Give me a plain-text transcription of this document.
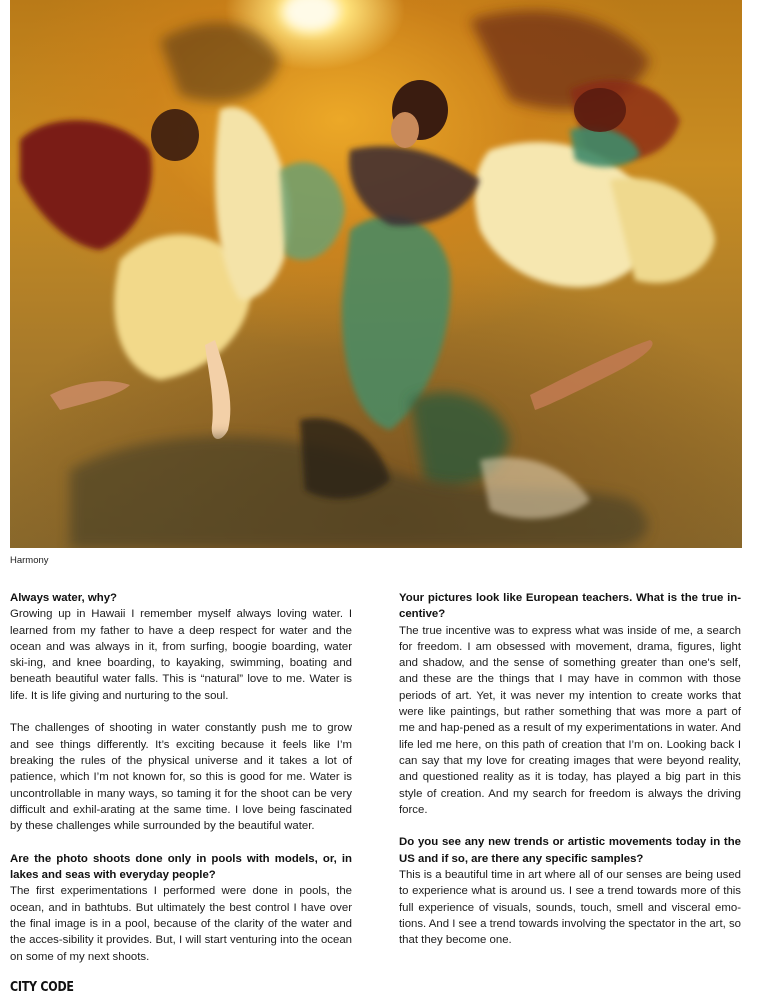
Harmony
Always water, why?

Growing up in Hawaii I remember myself always loving water. I learned from my father to have a deep respect for water and the ocean and was always in it, from surfing, boogie boarding, water ski-ing, and knee boarding, to kayaking, swimming, boating and beneath beautiful water falls. This is “natural” love to me. Water is life. It is life giving and nurturing to the soul.

The challenges of shooting in water constantly push me to grow and see things differently. It’s exciting because it feels like I’m breaking the rules of the physical universe and it takes a lot of patience, which I’m not known for, so this is good for me. Water is uncontrollable in many ways, so taming it for the shoot can be very difficult and exhil-arating at the same time. I love being fascinated by these challenges while surrounded by the beautiful water.

Are the photo shoots done only in pools with models, or, in lakes and seas with everyday people?

The first experimentations I performed were done in pools, the ocean, and in bathtubs. But ultimately the best control I have over the final image is in a pool, because of the clarity of the water and the acces-sibility it provides. But, I will start venturing into the ocean on some of my next shoots.

Your pictures look like European teachers. What is the true in-centive?

The true incentive was to express what was inside of me, a search for freedom. I am obsessed with movement, drama, figures, light and shadow, and the sense of something greater than one's self, and these are the things that I may have in common with those periods of art. Yet, it was never my intention to create works that were like paintings, but rather something that was more a part of me and hap-pened as a result of my experimentations in water. And life led me here, on this path of creation that I’m on. Looking back I can say that my love for creating images that were beyond reality, and questioned reality as it is today, has played a big part in this style of creation. And my search for freedom is always the driving force.

Do you see any new trends or artistic movements today in the US and if so, are there any specific samples?

This is a beautiful time in art where all of our senses are being used to experience what is around us. I see a trend towards more of this full experience of visuals, sounds, touch, smell and visceral emo-tions. And I see a trend towards involving the spectator in the art, so that they become one.

CITY CODE
